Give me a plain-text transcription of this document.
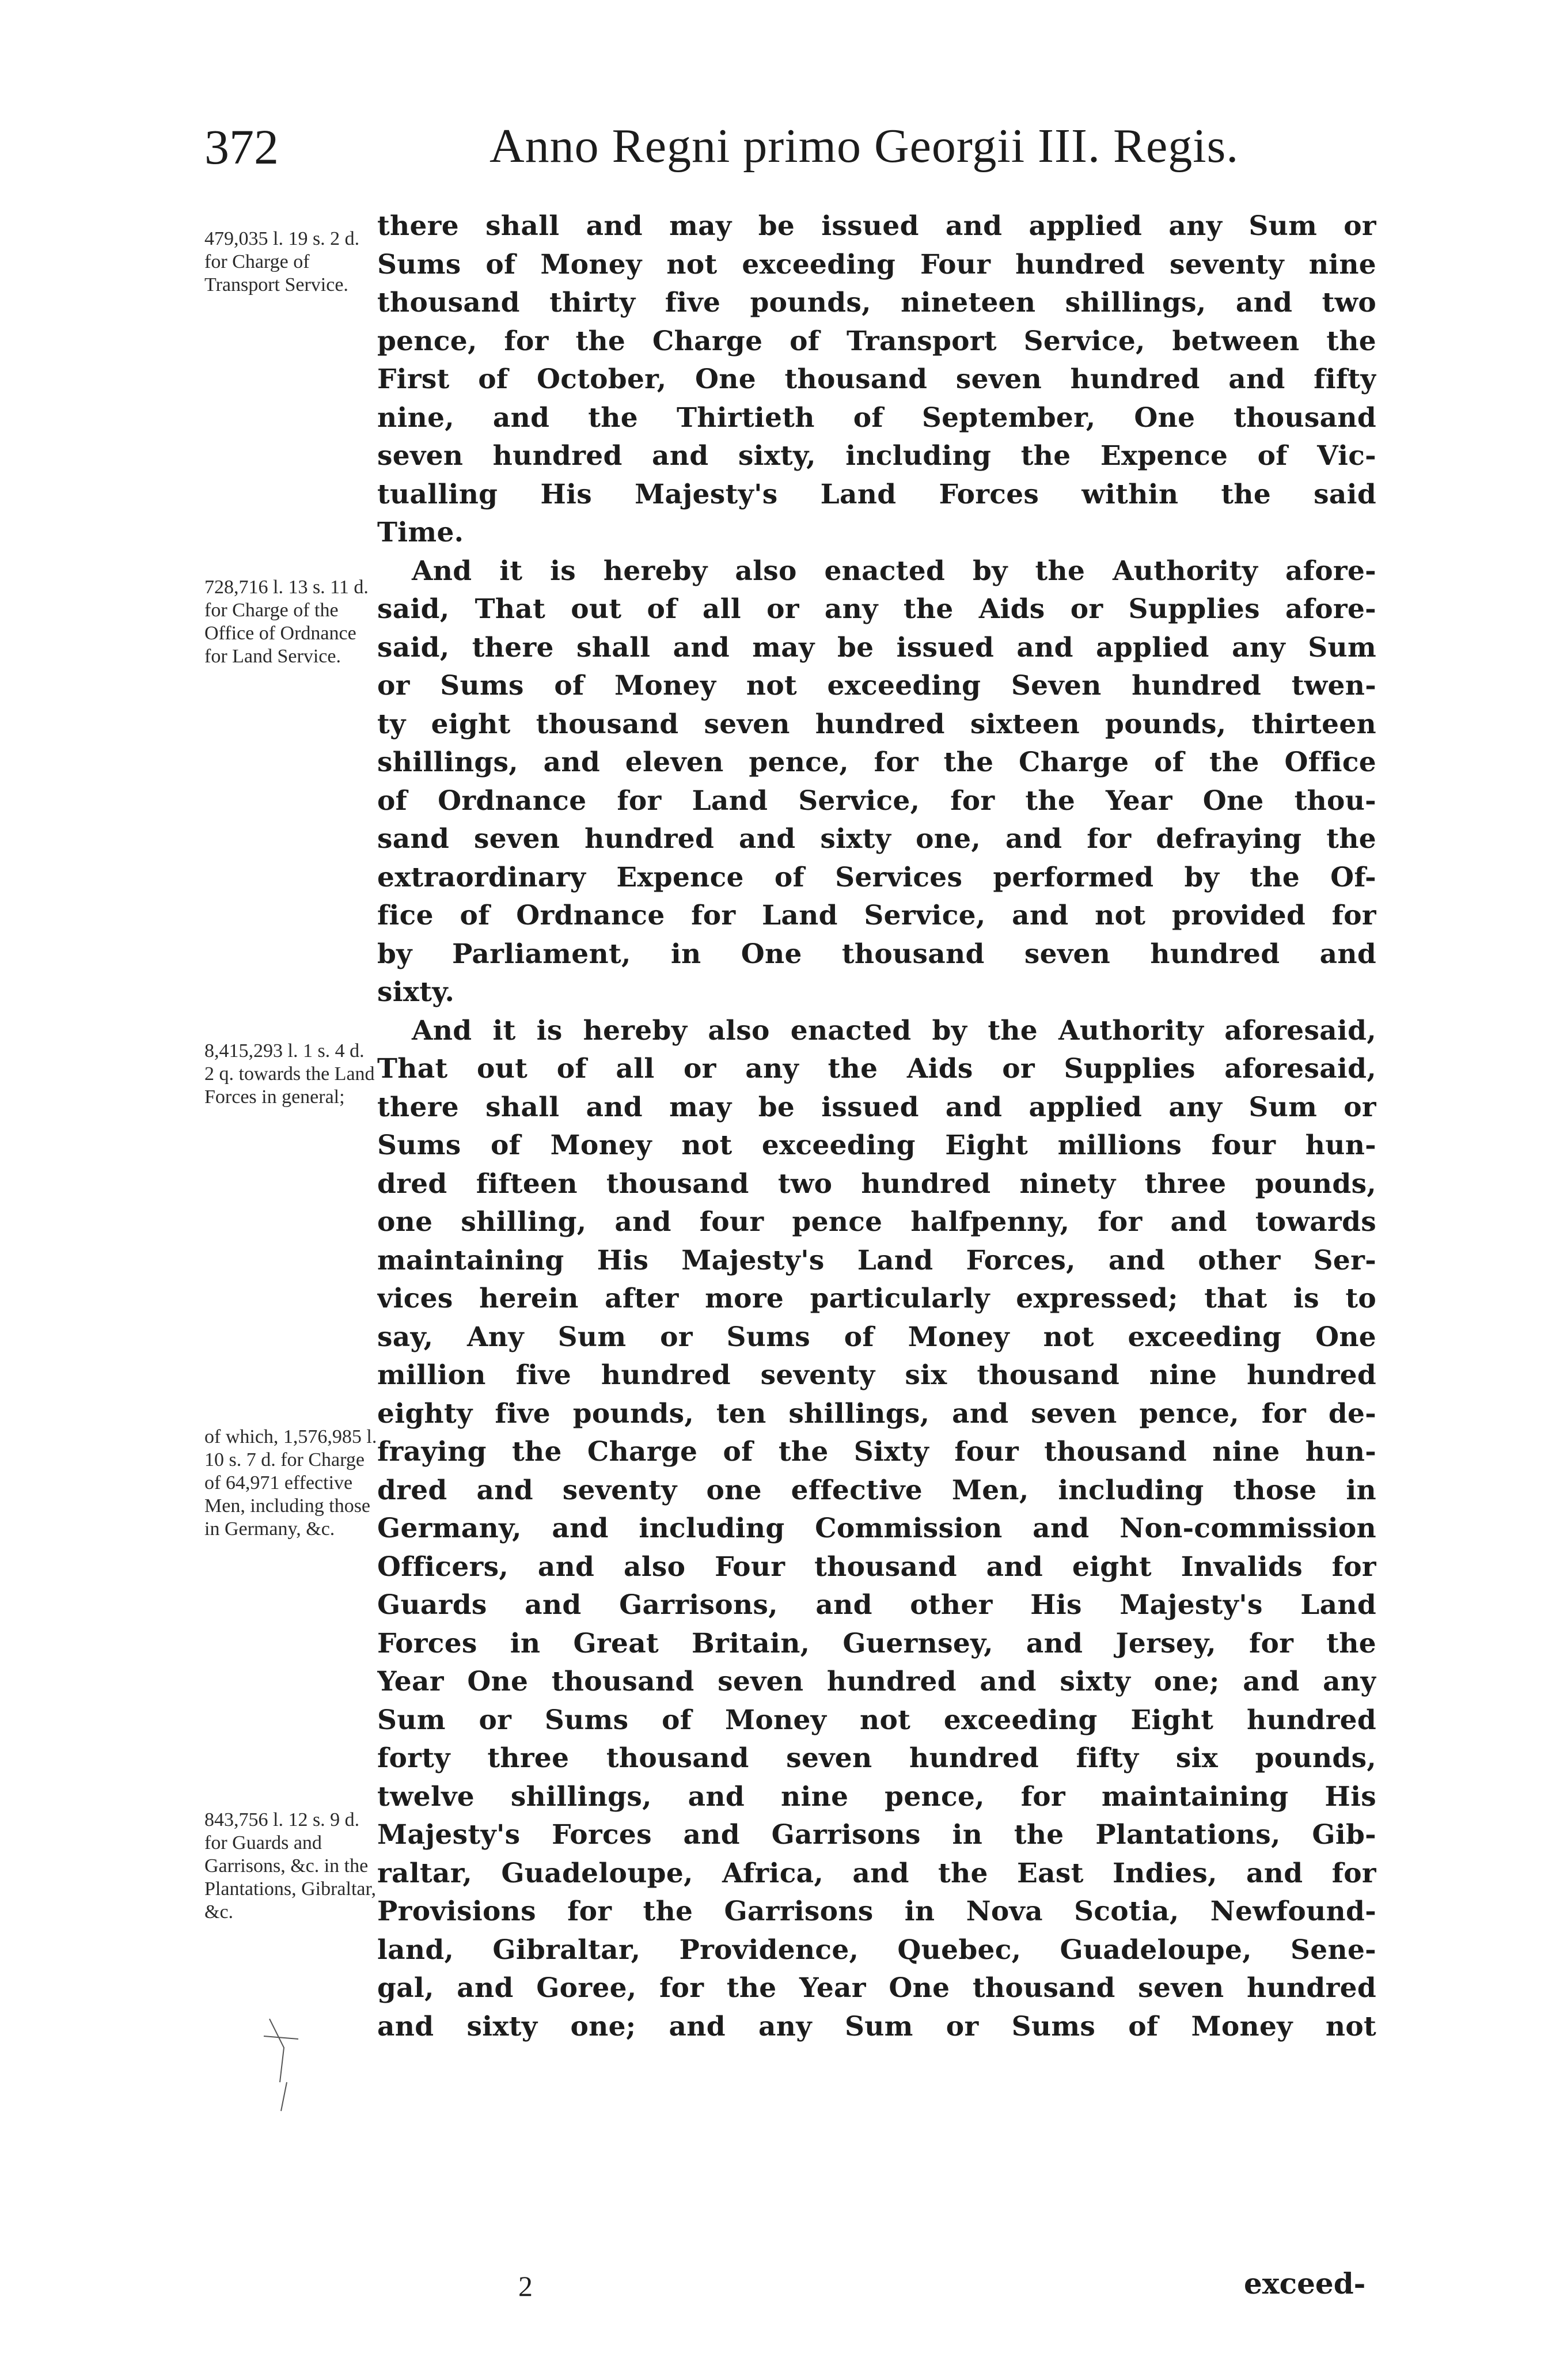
372	Anno Regni primo Georgii III. Regis.
479,035 l. 19 s. 2 d. for Charge of Transport Service.
728,716 l. 13 s. 11 d. for Charge of the Office of Ordnance for Land Service.
8,415,293 l. 1 s. 4 d. 2 q. towards the Land Forces in general;
of which, 1,576,985 l. 10 s. 7 d. for Charge of 64,971 effective Men, including those in Germany, &c.
843,756 l. 12 s. 9 d. for Guards and Garrisons, &c. in the Plantations, Gibraltar, &c.
there shall and may be issued and applied any Sum or
Sums of Money not exceeding Four hundred seventy nine
thousand thirty five pounds, nineteen shillings, and two
pence, for the Charge of Transport Service, between the
First of October, One thousand seven hundred and fifty
nine, and the Thirtieth of September, One thousand
seven hundred and sixty, including the Expence of Vic-
tualling His Majesty's Land Forces within the said
Time.
And it is hereby also enacted by the Authority afore-
said, That out of all or any the Aids or Supplies afore-
said, there shall and may be issued and applied any Sum
or Sums of Money not exceeding Seven hundred twen-
ty eight thousand seven hundred sixteen pounds, thirteen
shillings, and eleven pence, for the Charge of the Office
of Ordnance for Land Service, for the Year One thou-
sand seven hundred and sixty one, and for defraying the
extraordinary Expence of Services performed by the Of-
fice of Ordnance for Land Service, and not provided for
by Parliament, in One thousand seven hundred and
sixty.
And it is hereby also enacted by the Authority aforesaid,
That out of all or any the Aids or Supplies aforesaid,
there shall and may be issued and applied any Sum or
Sums of Money not exceeding Eight millions four hun-
dred fifteen thousand two hundred ninety three pounds,
one shilling, and four pence halfpenny, for and towards
maintaining His Majesty's Land Forces, and other Ser-
vices herein after more particularly expressed; that is to
say, Any Sum or Sums of Money not exceeding One
million five hundred seventy six thousand nine hundred
eighty five pounds, ten shillings, and seven pence, for de-
fraying the Charge of the Sixty four thousand nine hun-
dred and seventy one effective Men, including those in
Germany, and including Commission and Non-commission
Officers, and also Four thousand and eight Invalids for
Guards and Garrisons, and other His Majesty's Land
Forces in Great Britain, Guernsey, and Jersey, for the
Year One thousand seven hundred and sixty one; and any
Sum or Sums of Money not exceeding Eight hundred
forty three thousand seven hundred fifty six pounds,
twelve shillings, and nine pence, for maintaining His
Majesty's Forces and Garrisons in the Plantations, Gib-
raltar, Guadeloupe, Africa, and the East Indies, and for
Provisions for the Garrisons in Nova Scotia, Newfound-
land, Gibraltar, Providence, Quebec, Guadeloupe, Sene-
gal, and Goree, for the Year One thousand seven hundred
and sixty one; and any Sum or Sums of Money not
2	exceed-
